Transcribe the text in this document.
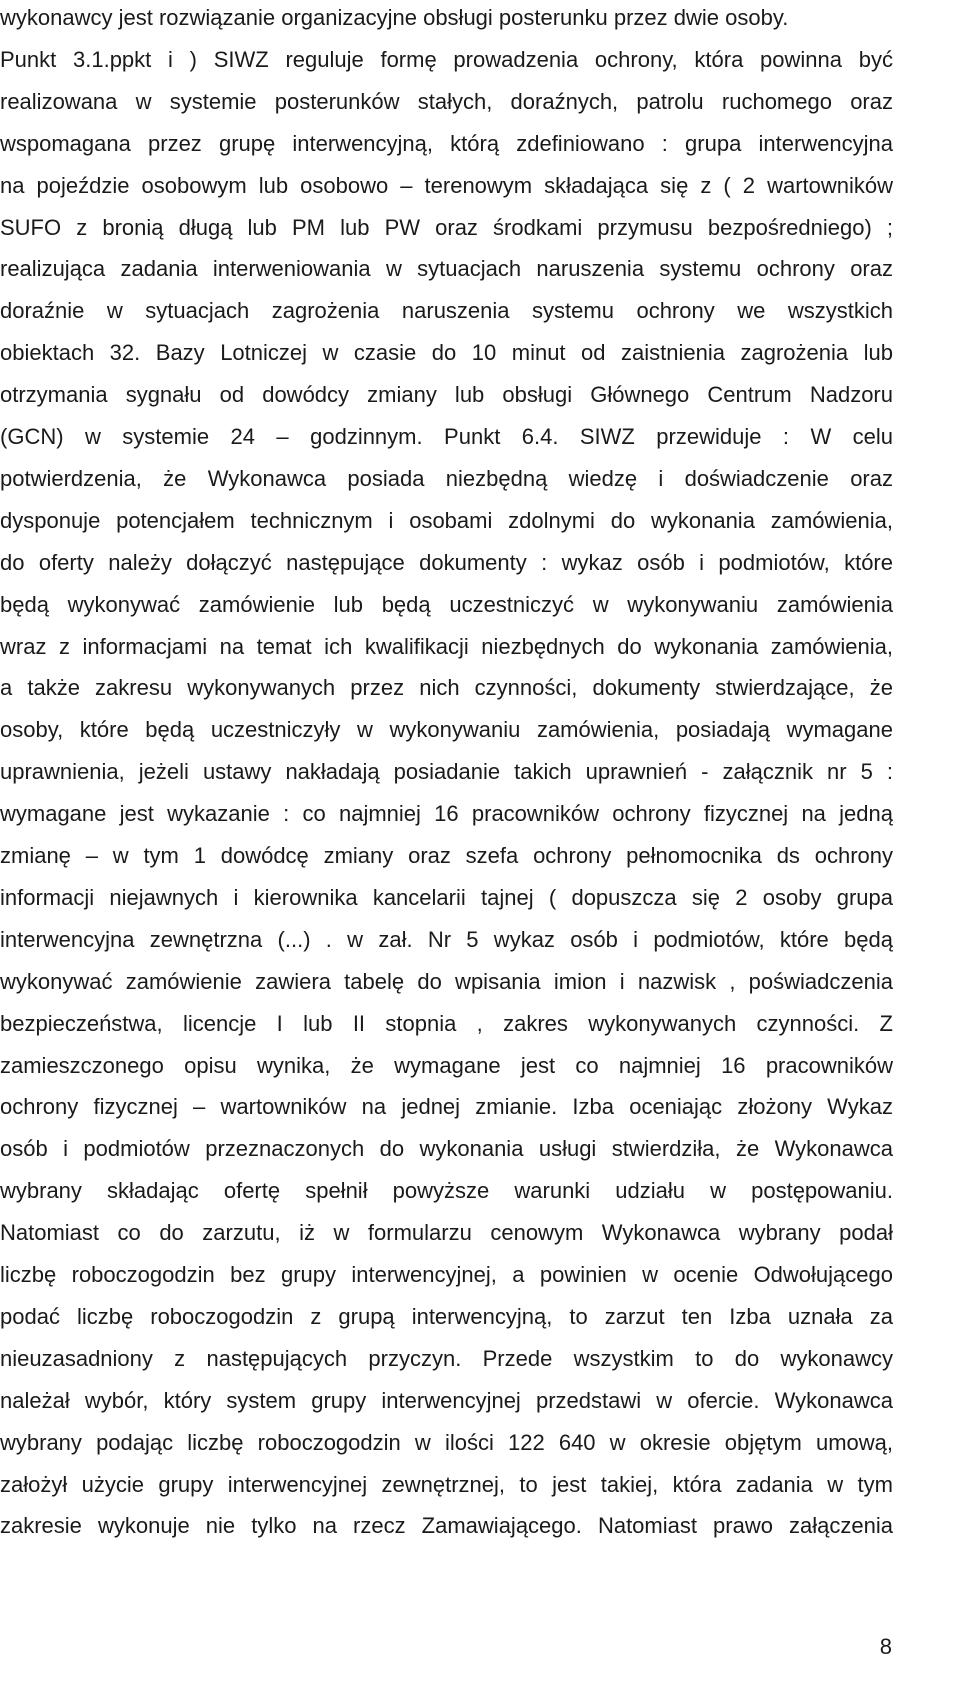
wykonawcy jest rozwiązanie organizacyjne obsługi posterunku przez dwie osoby.
Punkt 3.1.ppkt i ) SIWZ reguluje formę prowadzenia ochrony, która powinna być
realizowana w systemie posterunków stałych, doraźnych, patrolu ruchomego oraz
wspomagana przez grupę interwencyjną, którą zdefiniowano : grupa interwencyjna
na pojeździe osobowym lub osobowo – terenowym składająca się z ( 2 wartowników
SUFO z bronią długą lub PM lub PW oraz środkami przymusu bezpośredniego) ;
realizująca zadania interweniowania w sytuacjach naruszenia systemu ochrony oraz
doraźnie w sytuacjach zagrożenia naruszenia systemu ochrony we wszystkich
obiektach 32. Bazy Lotniczej w czasie do 10 minut od zaistnienia zagrożenia lub
otrzymania sygnału od dowódcy zmiany lub obsługi Głównego Centrum Nadzoru
(GCN) w systemie 24 – godzinnym. Punkt 6.4. SIWZ przewiduje : W celu
potwierdzenia, że Wykonawca posiada niezbędną wiedzę i doświadczenie oraz
dysponuje potencjałem technicznym i osobami zdolnymi do wykonania zamówienia,
do oferty należy dołączyć następujące dokumenty : wykaz osób i podmiotów, które
będą wykonywać zamówienie lub będą uczestniczyć w wykonywaniu zamówienia
wraz z informacjami na temat ich kwalifikacji niezbędnych do wykonania zamówienia,
a także zakresu wykonywanych przez nich czynności, dokumenty stwierdzające, że
osoby, które będą uczestniczyły w wykonywaniu zamówienia, posiadają wymagane
uprawnienia, jeżeli ustawy nakładają posiadanie takich uprawnień - załącznik nr 5 :
wymagane jest wykazanie : co najmniej 16 pracowników ochrony fizycznej na jedną
zmianę – w tym 1 dowódcę zmiany oraz szefa ochrony pełnomocnika ds ochrony
informacji niejawnych i kierownika kancelarii tajnej ( dopuszcza się 2 osoby grupa
interwencyjna zewnętrzna (...) . w zał. Nr 5 wykaz osób i podmiotów, które będą
wykonywać zamówienie zawiera tabelę do wpisania imion i nazwisk , poświadczenia
bezpieczeństwa, licencje I lub II stopnia , zakres wykonywanych czynności. Z
zamieszczonego opisu wynika, że wymagane jest co najmniej 16 pracowników
ochrony fizycznej – wartowników na jednej zmianie. Izba oceniając złożony Wykaz
osób i podmiotów przeznaczonych do wykonania usługi stwierdziła, że Wykonawca
wybrany składając ofertę spełnił powyższe warunki udziału w postępowaniu.
Natomiast co do zarzutu, iż w formularzu cenowym Wykonawca wybrany podał
liczbę roboczogodzin bez grupy interwencyjnej, a powinien w ocenie Odwołującego
podać liczbę roboczogodzin z grupą interwencyjną, to zarzut ten Izba uznała za
nieuzasadniony z następujących przyczyn. Przede wszystkim to do wykonawcy
należał wybór, który system grupy interwencyjnej przedstawi w ofercie. Wykonawca
wybrany podając liczbę roboczogodzin w ilości 122 640 w okresie objętym umową,
założył użycie grupy interwencyjnej zewnętrznej, to jest takiej, która zadania w tym
zakresie wykonuje nie tylko na rzecz Zamawiającego. Natomiast prawo załączenia
8
